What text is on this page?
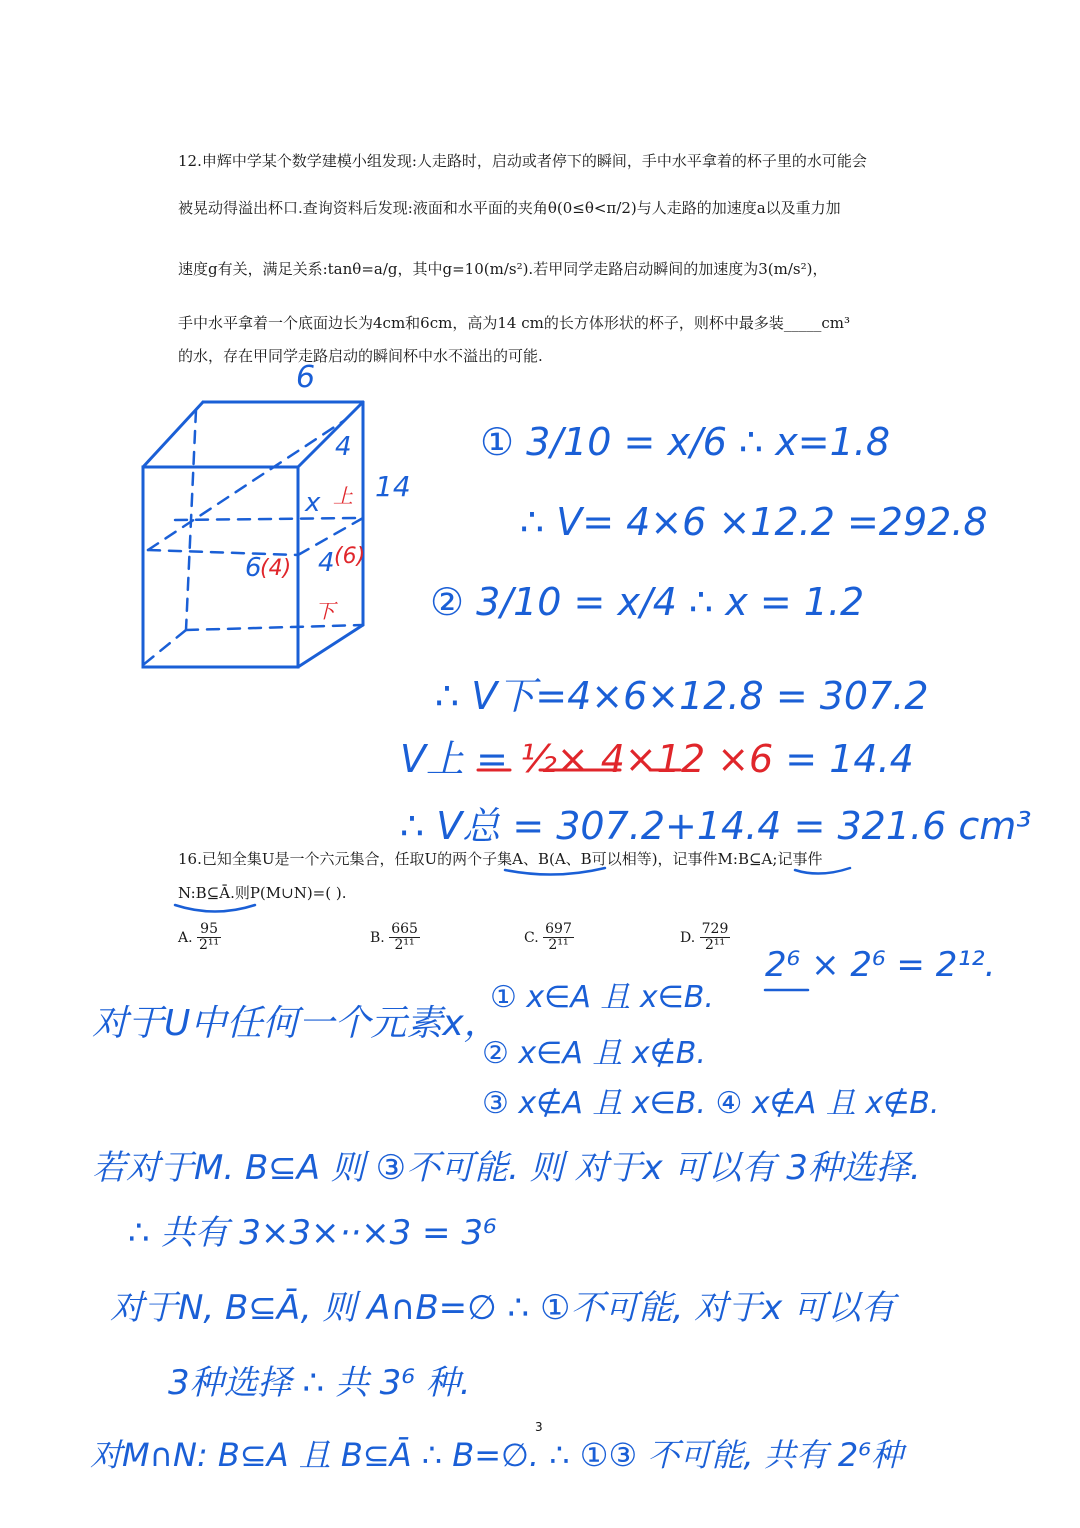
12.申辉中学某个数学建模小组发现:人走路时，启动或者停下的瞬间，手中水平拿着的杯子里的水可能会
被晃动得溢出杯口.查询资料后发现:液面和水平面的夹角θ(0≤θ<π/2)与人走路的加速度a以及重力加
速度g有关，满足关系:tanθ=a/g，其中g=10(m/s²).若甲同学走路启动瞬间的加速度为3(m/s²)，
手中水平拿着一个底面边长为4cm和6cm，高为14 cm的长方体形状的杯子，则杯中最多装_____cm³
的水，存在甲同学走路启动的瞬间杯中水不溢出的可能.
6
4
14
x 上
6
(4) 4 (6)
下
① 3/10 = x/6 ∴ x=1.8
∴ V= 4×6 ×12.2 =292.8
② 3/10 = x/4 ∴ x = 1.2
∴ V下=4×6×12.8 = 307.2
V上 = ½× 4×12 ×6 = 14.4
∴ V总 = 307.2+14.4 = 321.6 cm³
16.已知全集U是一个六元集合，任取U的两个子集A、B(A、B可以相等)，记事件M:B⊆A;记事件
N:B⊆Ā.则P(M∪N)=( ).
A. $\frac{95}{\text{2¹¹}}$	B. $\frac{665}{\text{2¹¹}}$	C. $\frac{697}{\text{2¹¹}}$	D. $\frac{729}{\text{2¹¹}}$
2⁶ × 2⁶ = 2¹².
对于U中任何一个元素x，
① x∈A 且 x∈B.
② x∈A 且 x∉B.
③ x∉A 且 x∈B. ④ x∉A 且 x∉B.
若对于M. B⊆A 则 ③不可能. 则 对于x 可以有 3种选择.
∴ 共有 3×3×··×3 = 3⁶
对于N, B⊆Ā, 则 A∩B=∅ ∴ ①不可能, 对于x 可以有
3种选择 ∴ 共 3⁶ 种.
对M∩N: B⊆A 且 B⊆Ā ∴ B=∅. ∴ ①③ 不可能, 共有 2⁶种
3
